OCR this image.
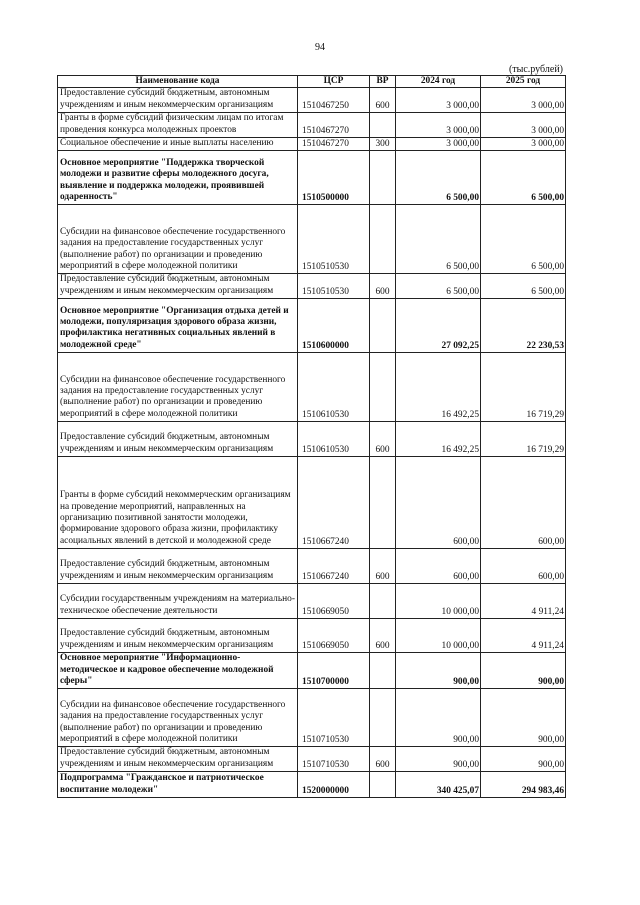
94
(тыс.рублей)
Наименование кода	ЦСР	ВР	2024 год	2025 год
Предоставление субсидий бюджетным, автономным учреждениям и иным некоммерческим организациям	1510467250	600	3 000,00	3 000,00
Гранты в форме субсидий физическим лицам по итогам проведения конкурса молодежных проектов	1510467270		3 000,00	3 000,00
Социальное обеспечение и иные выплаты населению	1510467270	300	3 000,00	3 000,00
Основное мероприятие "Поддержка творческой молодежи и развитие сферы молодежного досуга, выявление и поддержка молодежи, проявившей одаренность"	1510500000		6 500,00	6 500,00
Субсидии на финансовое обеспечение государственного задания на предоставление государственных услуг (выполнение работ) по организации и проведению мероприятий в сфере молодежной политики	1510510530		6 500,00	6 500,00
Предоставление субсидий бюджетным, автономным учреждениям и иным некоммерческим организациям	1510510530	600	6 500,00	6 500,00
Основное мероприятие "Организация отдыха детей и молодежи, популяризация здорового образа жизни, профилактика негативных социальных явлений в молодежной среде"	1510600000		27 092,25	22 230,53
Субсидии на финансовое обеспечение государственного задания на предоставление государственных услуг (выполнение работ) по организации и проведению мероприятий в сфере молодежной политики	1510610530		16 492,25	16 719,29
Предоставление субсидий бюджетным, автономным учреждениям и иным некоммерческим организациям	1510610530	600	16 492,25	16 719,29
Гранты в форме субсидий некоммерческим организациям на проведение мероприятий, направленных на организацию позитивной занятости молодежи, формирование здорового образа жизни, профилактику асоциальных явлений в детской и молодежной среде	1510667240		600,00	600,00
Предоставление субсидий бюджетным, автономным учреждениям и иным некоммерческим организациям	1510667240	600	600,00	600,00
Субсидии государственным учреждениям на материально-техническое обеспечение деятельности	1510669050		10 000,00	4 911,24
Предоставление субсидий бюджетным, автономным учреждениям и иным некоммерческим организациям	1510669050	600	10 000,00	4 911,24
Основное мероприятие "Информационно-методическое и кадровое обеспечение молодежной сферы"	1510700000		900,00	900,00
Субсидии на финансовое обеспечение государственного задания на предоставление государственных услуг (выполнение работ) по организации и проведению мероприятий в сфере молодежной политики	1510710530		900,00	900,00
Предоставление субсидий бюджетным, автономным учреждениям и иным некоммерческим организациям	1510710530	600	900,00	900,00
Подпрограмма "Гражданское и патриотическое воспитание молодежи"	1520000000		340 425,07	294 983,46
